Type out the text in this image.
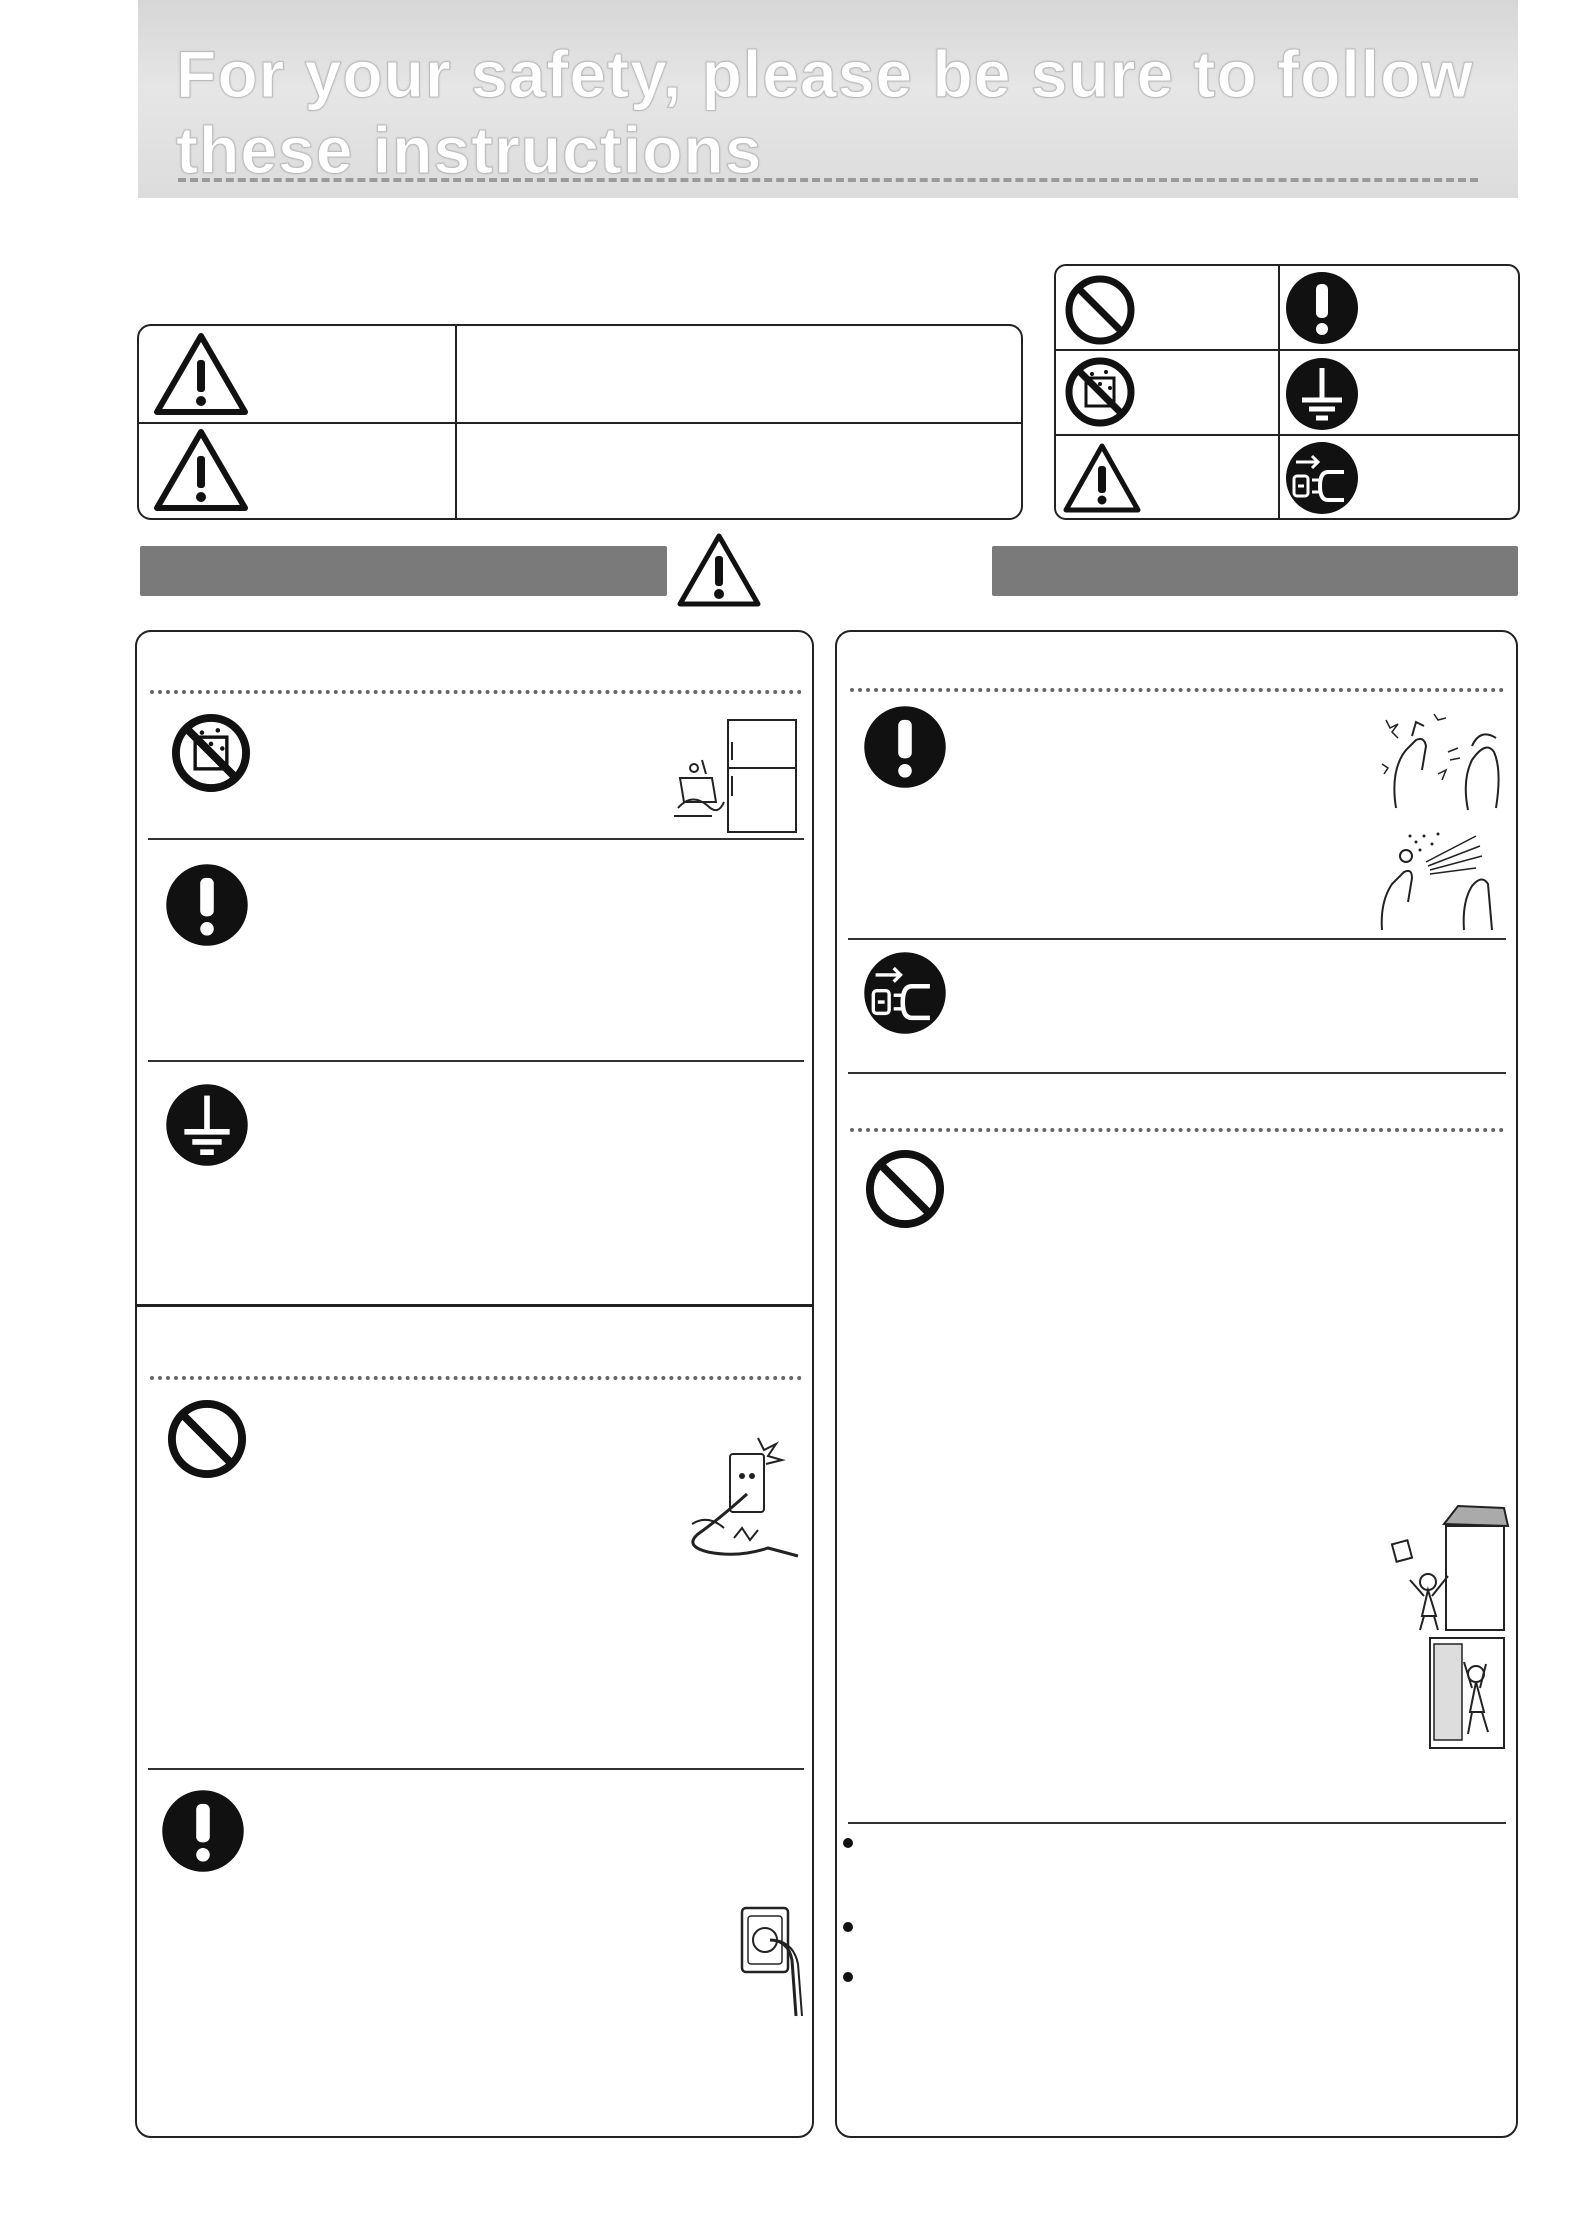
For your safety, please be sure to follow these instructions
